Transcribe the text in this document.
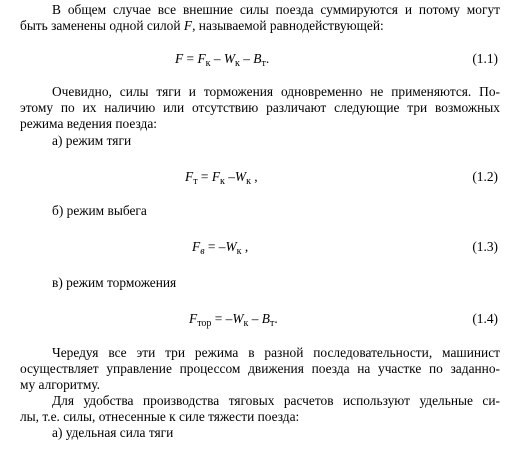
В общем случае все внешние силы поезда суммируются и потому могут
быть заменены одной силой F, называемой равнодействующей:
$F = F_к - W_к - B_т$.	(1.1)
Очевидно, силы тяги и торможения одновременно не применяются. По-
этому по их наличию или отсутствию различают следующие три возможных
режима ведения поезда:
а) режим тяги
$F_т = F_к$ $-W_к$ ,	(1.2)
б) режим выбега
$F_в = -W_к$ ,	(1.3)
в) режим торможения
$F_{тор} = -W_к - B_т$.	(1.4)
Чередуя все эти три режима в разной последовательности, машинист
осуществляет управление процессом движения поезда на участке по заданно-
му алгоритму.
Для удобства производства тяговых расчетов используют удельные си-
лы, т.е. силы, отнесенные к силе тяжести поезда:
а) удельная сила тяги
